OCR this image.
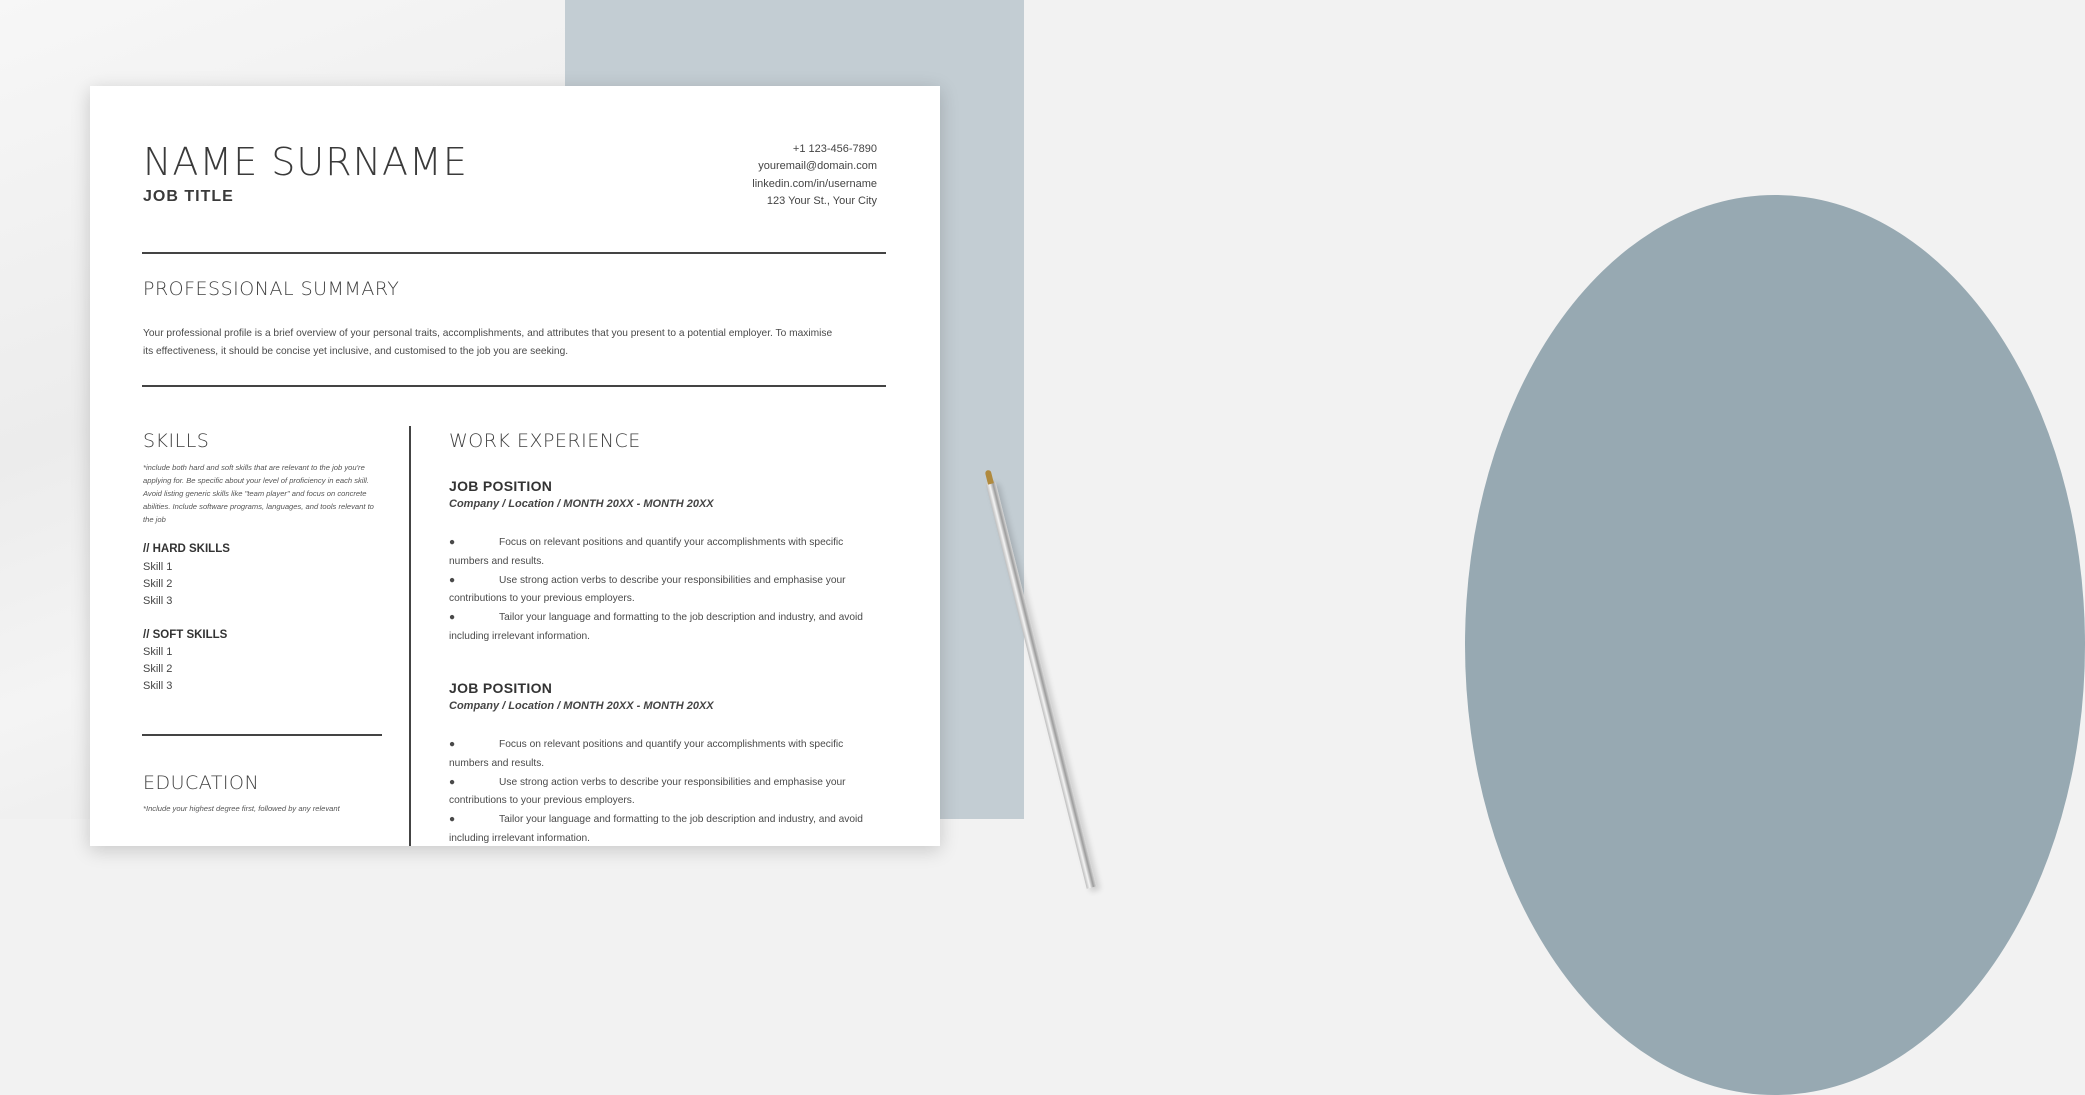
NAME SURNAME
JOB TITLE
+1 123-456-7890
youremail@domain.com
linkedin.com/in/username
123 Your St., Your City
PROFESSIONAL SUMMARY

Your professional profile is a brief overview of your personal traits, accomplishments, and attributes that you present to a potential employer. To maximise its effectiveness, it should be concise yet inclusive, and customised to the job you are seeking.

SKILLS

*include both hard and soft skills that are relevant to the job you're applying for. Be specific about your level of proficiency in each skill. Avoid listing generic skills like "team player" and focus on concrete abilities. Include software programs, languages, and tools relevant to the job

// HARD SKILLS
Skill 1
Skill 2
Skill 3
// SOFT SKILLS
Skill 1
Skill 2
Skill 3
EDUCATION

*Include your highest degree first, followed by any relevant

WORK EXPERIENCE
JOB POSITION
Company / Location / MONTH 20XX - MONTH 20XX
●	Focus on relevant positions and quantify your accomplishments with specific numbers and results.
●	Use strong action verbs to describe your responsibilities and emphasise your contributions to your previous employers.
●	Tailor your language and formatting to the job description and industry, and avoid including irrelevant information.
JOB POSITION
Company / Location / MONTH 20XX - MONTH 20XX
●	Focus on relevant positions and quantify your accomplishments with specific numbers and results.
●	Use strong action verbs to describe your responsibilities and emphasise your contributions to your previous employers.
●	Tailor your language and formatting to the job description and industry, and avoid including irrelevant information.
